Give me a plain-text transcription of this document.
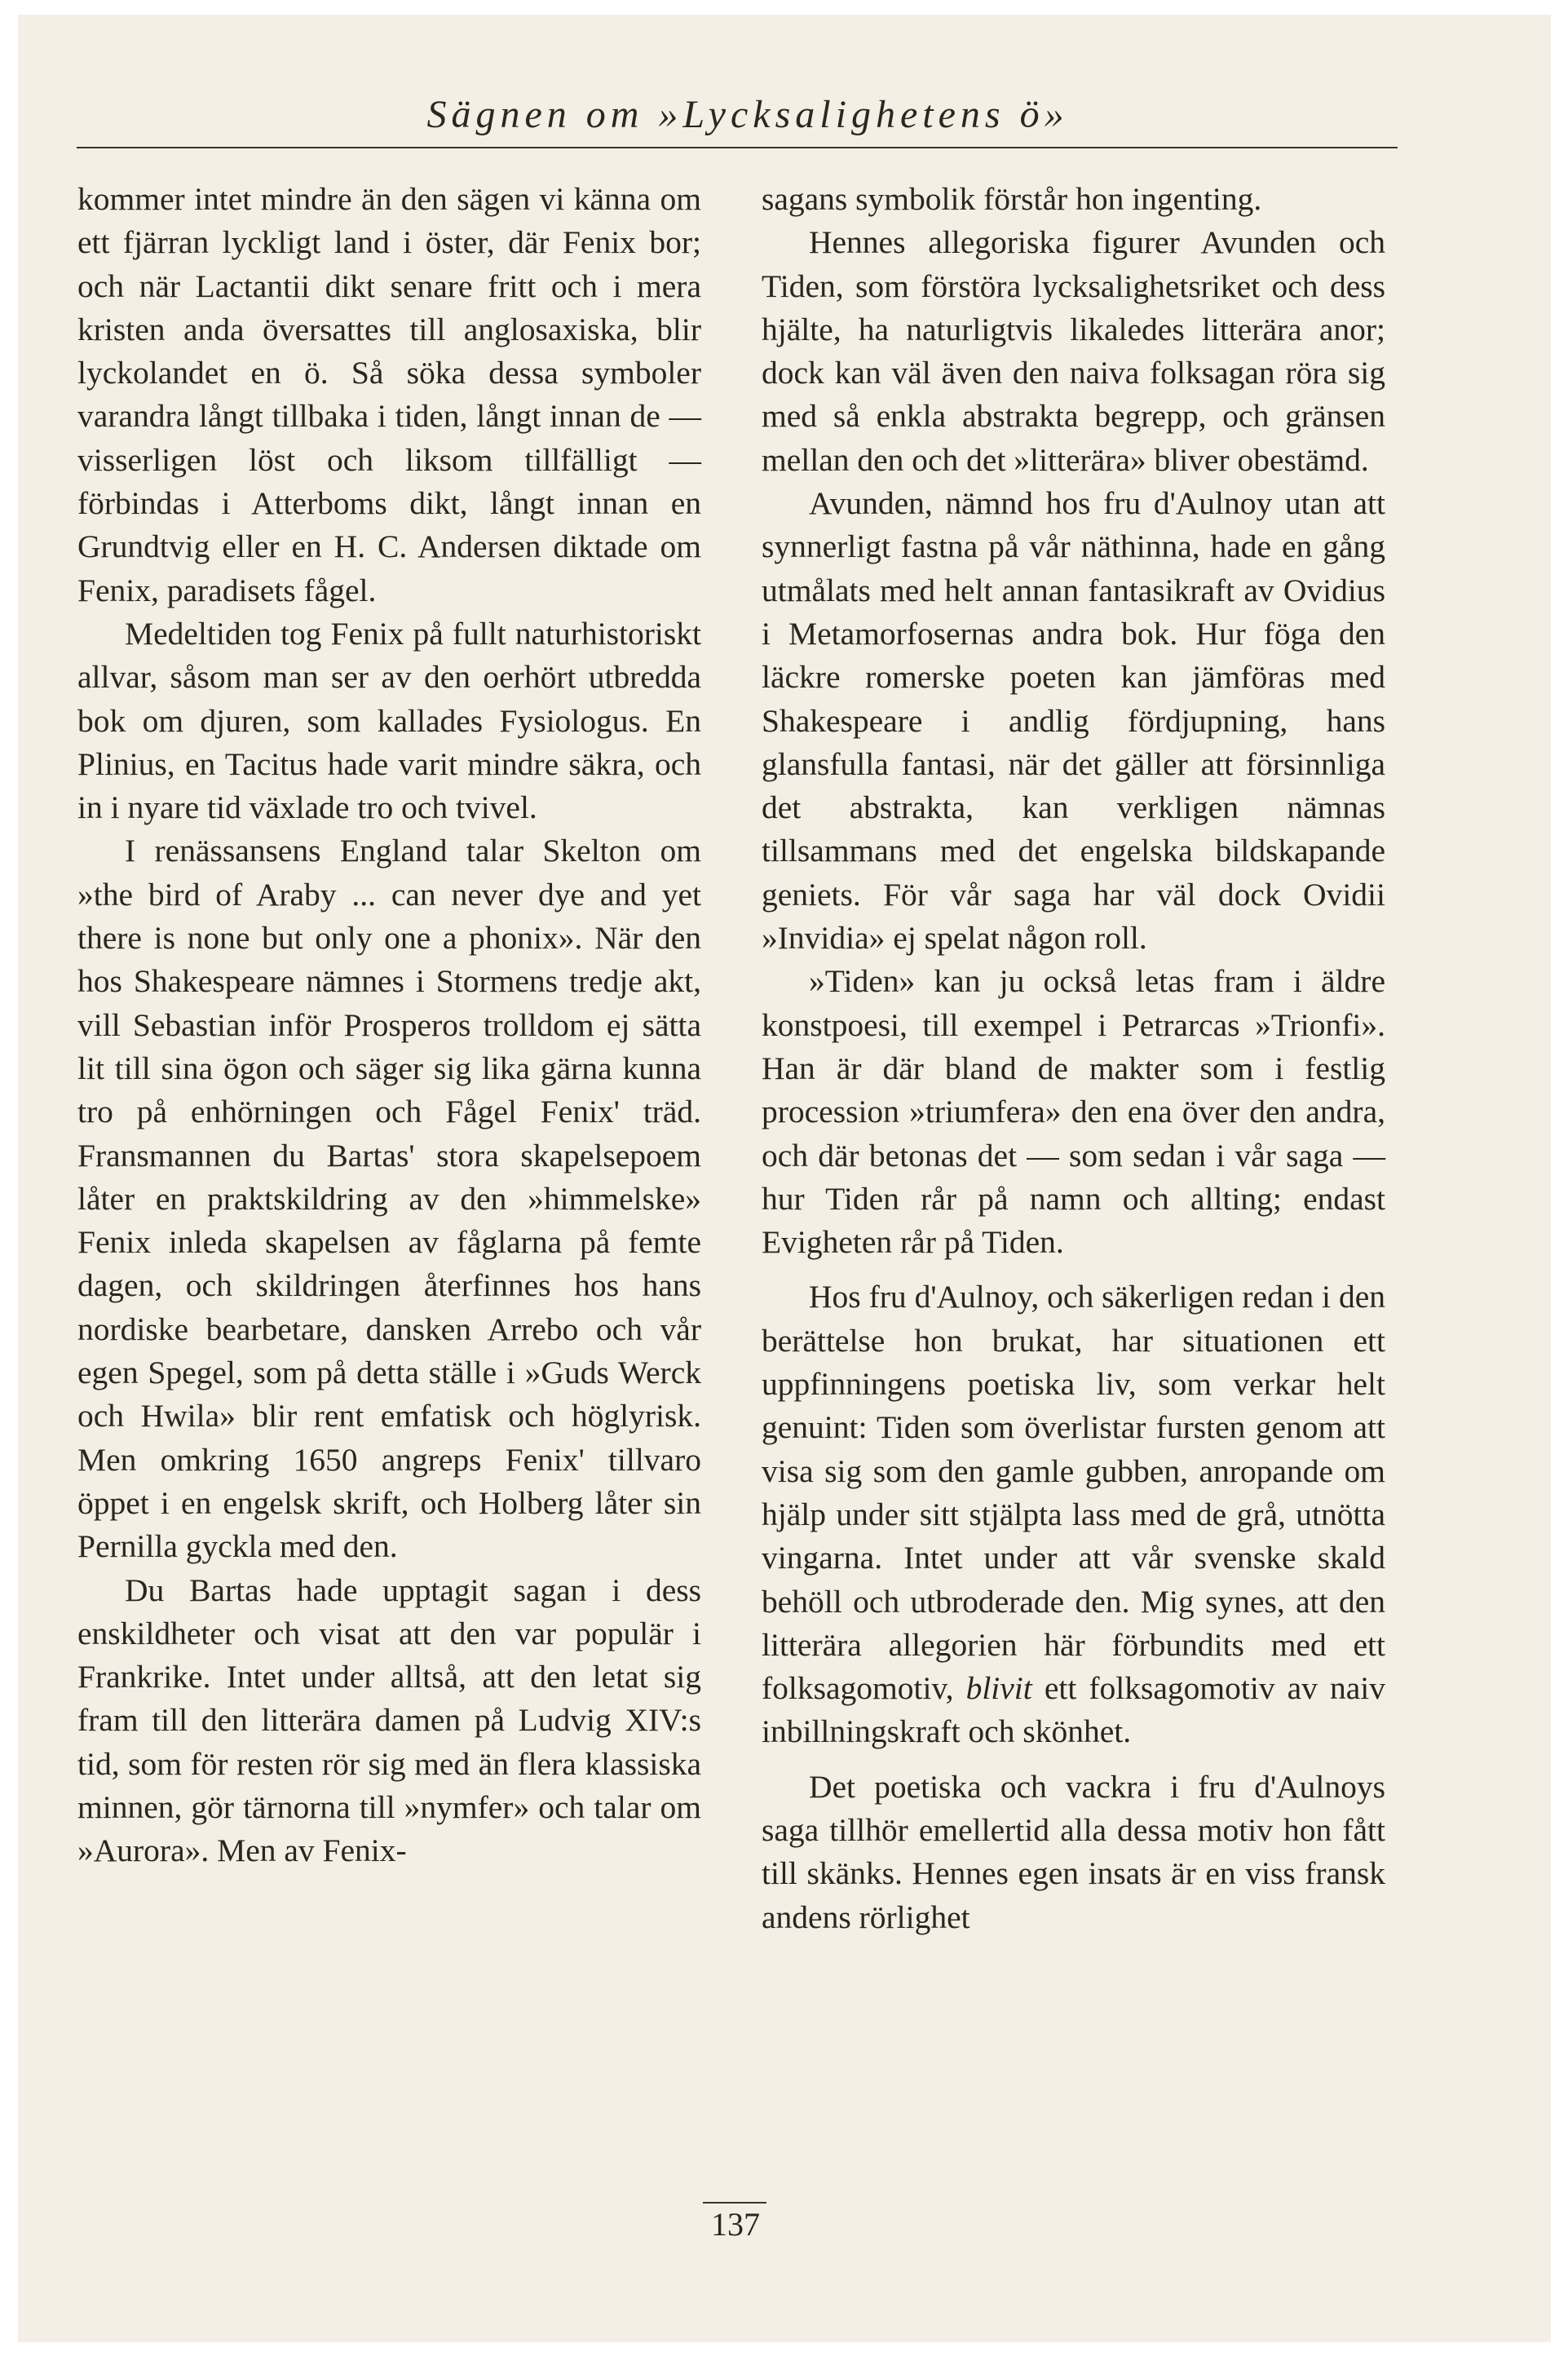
Sägnen om »Lycksalighetens ö»

kommer intet mindre än den sägen vi känna om ett fjärran lyckligt land i öster, där Fenix bor; och när Lactantii dikt senare fritt och i mera kristen anda översattes till anglosaxiska, blir lyckolandet en ö. Så söka dessa symboler varandra långt tillbaka i tiden, långt innan de — visserligen löst och liksom tillfälligt — förbindas i Atterboms dikt, långt innan en Grundtvig eller en H. C. Andersen diktade om Fenix, paradisets fågel.

Medeltiden tog Fenix på fullt naturhistoriskt allvar, såsom man ser av den oerhört utbredda bok om djuren, som kallades Fysiologus. En Plinius, en Tacitus hade varit mindre säkra, och in i nyare tid växlade tro och tvivel.

I renässansens England talar Skelton om »the bird of Araby ... can never dye and yet there is none but only one a phonix». När den hos Shakespeare nämnes i Stormens tredje akt, vill Sebastian inför Prosperos trolldom ej sätta lit till sina ögon och säger sig lika gärna kunna tro på enhörningen och Fågel Fenix' träd. Fransmannen du Bartas' stora skapelsepoem låter en praktskildring av den »himmelske» Fenix inleda skapelsen av fåglarna på femte dagen, och skildringen återfinnes hos hans nordiske bearbetare, dansken Arrebo och vår egen Spegel, som på detta ställe i »Guds Werck och Hwila» blir rent emfatisk och höglyrisk. Men omkring 1650 angreps Fenix' tillvaro öppet i en engelsk skrift, och Holberg låter sin Pernilla gyckla med den.

Du Bartas hade upptagit sagan i dess enskildheter och visat att den var populär i Frankrike. Intet under alltså, att den letat sig fram till den litterära damen på Ludvig XIV:s tid, som för resten rör sig med än flera klassiska minnen, gör tärnorna till »nymfer» och talar om »Aurora». Men av Fenix-

sagans symbolik förstår hon ingenting.

Hennes allegoriska figurer Avunden och Tiden, som förstöra lycksalighetsriket och dess hjälte, ha naturligtvis likaledes litterära anor; dock kan väl även den naiva folksagan röra sig med så enkla abstrakta begrepp, och gränsen mellan den och det »litterära» bliver obestämd.

Avunden, nämnd hos fru d'Aulnoy utan att synnerligt fastna på vår näthinna, hade en gång utmålats med helt annan fantasikraft av Ovidius i Metamorfosernas andra bok. Hur föga den läckre romerske poeten kan jämföras med Shakespeare i andlig fördjupning, hans glansfulla fantasi, när det gäller att försinnliga det abstrakta, kan verkligen nämnas tillsammans med det engelska bildskapande geniets. För vår saga har väl dock Ovidii »Invidia» ej spelat någon roll.

»Tiden» kan ju också letas fram i äldre konstpoesi, till exempel i Petrarcas »Trionfi». Han är där bland de makter som i festlig procession »triumfera» den ena över den andra, och där betonas det — som sedan i vår saga — hur Tiden rår på namn och allting; endast Evigheten rår på Tiden.

Hos fru d'Aulnoy, och säkerligen redan i den berättelse hon brukat, har situationen ett uppfinningens poetiska liv, som verkar helt genuint: Tiden som överlistar fursten genom att visa sig som den gamle gubben, anropande om hjälp under sitt stjälpta lass med de grå, utnötta vingarna. Intet under att vår svenske skald behöll och utbroderade den. Mig synes, att den litterära allegorien här förbundits med ett folksagomotiv, blivit ett folksagomotiv av naiv inbillningskraft och skönhet.

Det poetiska och vackra i fru d'Aulnoys saga tillhör emellertid alla dessa motiv hon fått till skänks. Hennes egen insats är en viss fransk andens rörlighet

137
